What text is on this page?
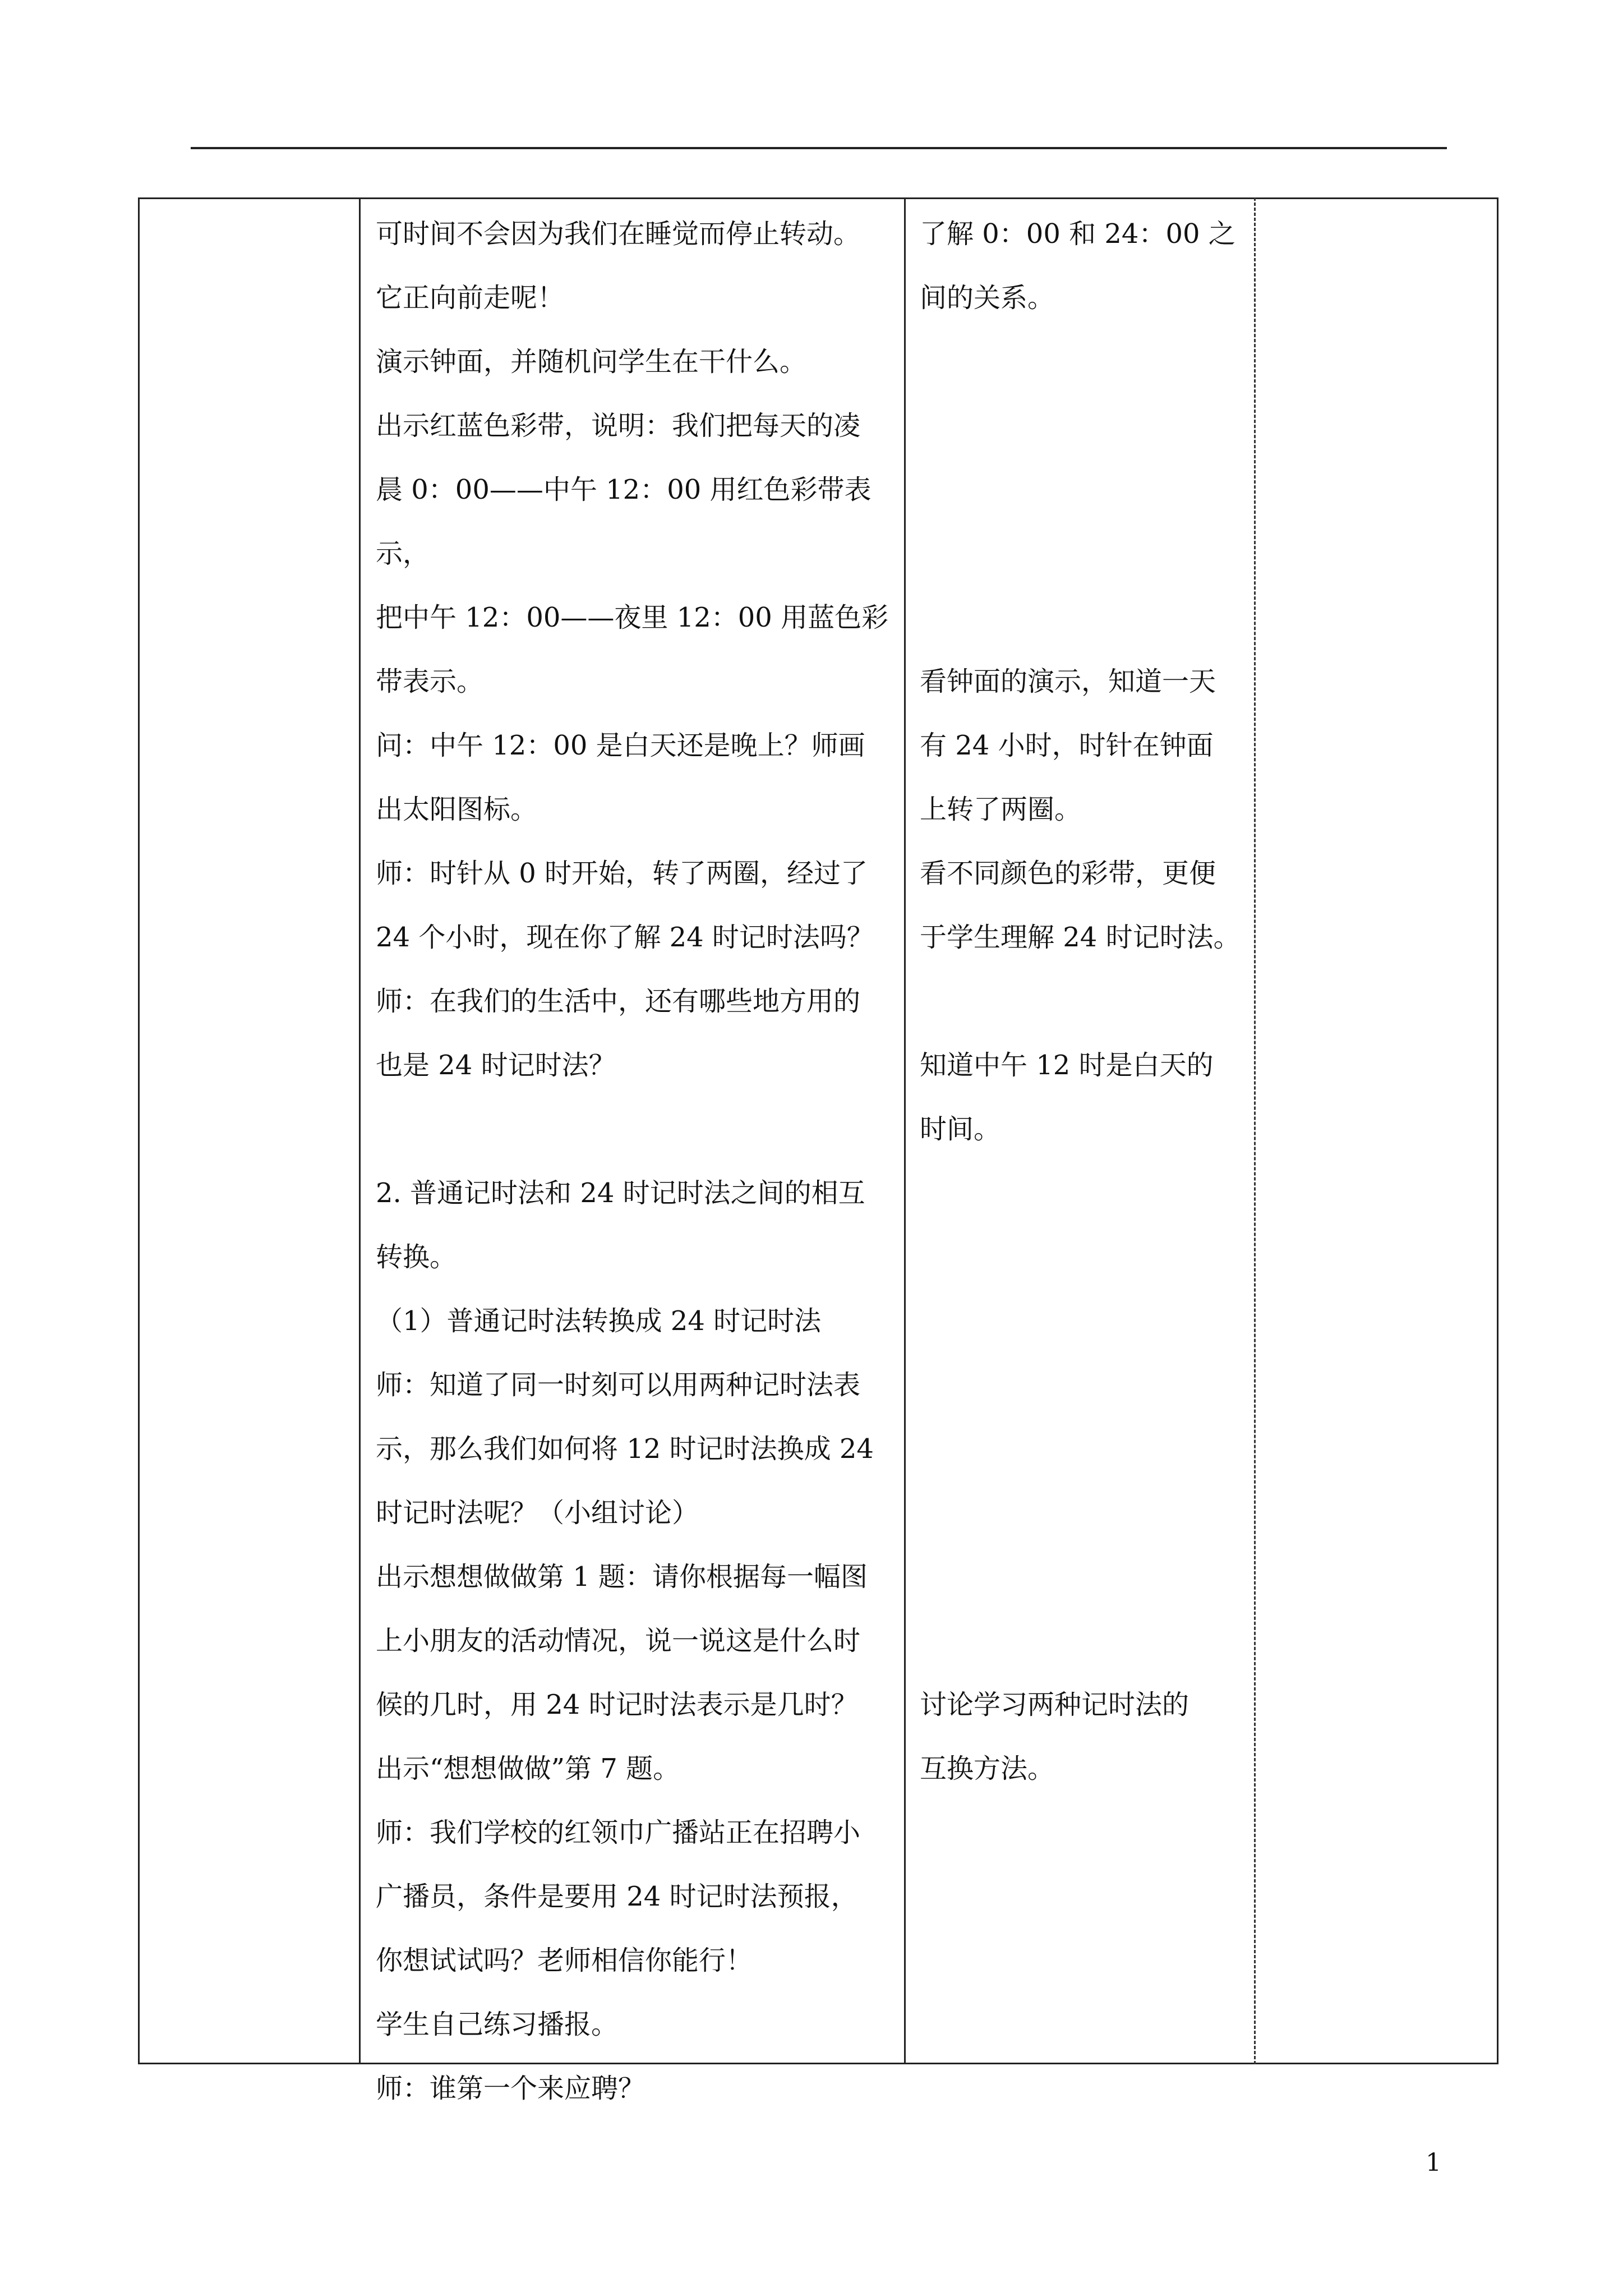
可时间不会因为我们在睡觉而停止转动。
它正向前走呢！
演示钟面，并随机问学生在干什么。
出示红蓝色彩带，说明：我们把每天的凌
晨 0：00——中午 12：00 用红色彩带表示，
把中午 12：00——夜里 12：00 用蓝色彩
带表示。
问：中午 12：00 是白天还是晚上？师画
出太阳图标。
师：时针从 0 时开始，转了两圈，经过了
24 个小时，现在你了解 24 时记时法吗？
师：在我们的生活中，还有哪些地方用的
也是 24 时记时法？

2. 普通记时法和 24 时记时法之间的相互
转换。
（1）普通记时法转换成 24 时记时法
师：知道了同一时刻可以用两种记时法表
示，那么我们如何将 12 时记时法换成 24
时记时法呢？（小组讨论）
出示想想做做第 1 题：请你根据每一幅图
上小朋友的活动情况，说一说这是什么时
候的几时，用 24 时记时法表示是几时？
出示“想想做做”第 7 题。
师：我们学校的红领巾广播站正在招聘小
广播员，条件是要用 24 时记时法预报，
你想试试吗？老师相信你能行！
学生自己练习播报。
师：谁第一个来应聘？
了解 0：00 和 24：00 之
间的关系。

看钟面的演示，知道一天
有 24 小时，时针在钟面
上转了两圈。
看不同颜色的彩带，更便
于学生理解 24 时记时法。

知道中午 12 时是白天的
时间。

讨论学习两种记时法的
互换方法。
1
